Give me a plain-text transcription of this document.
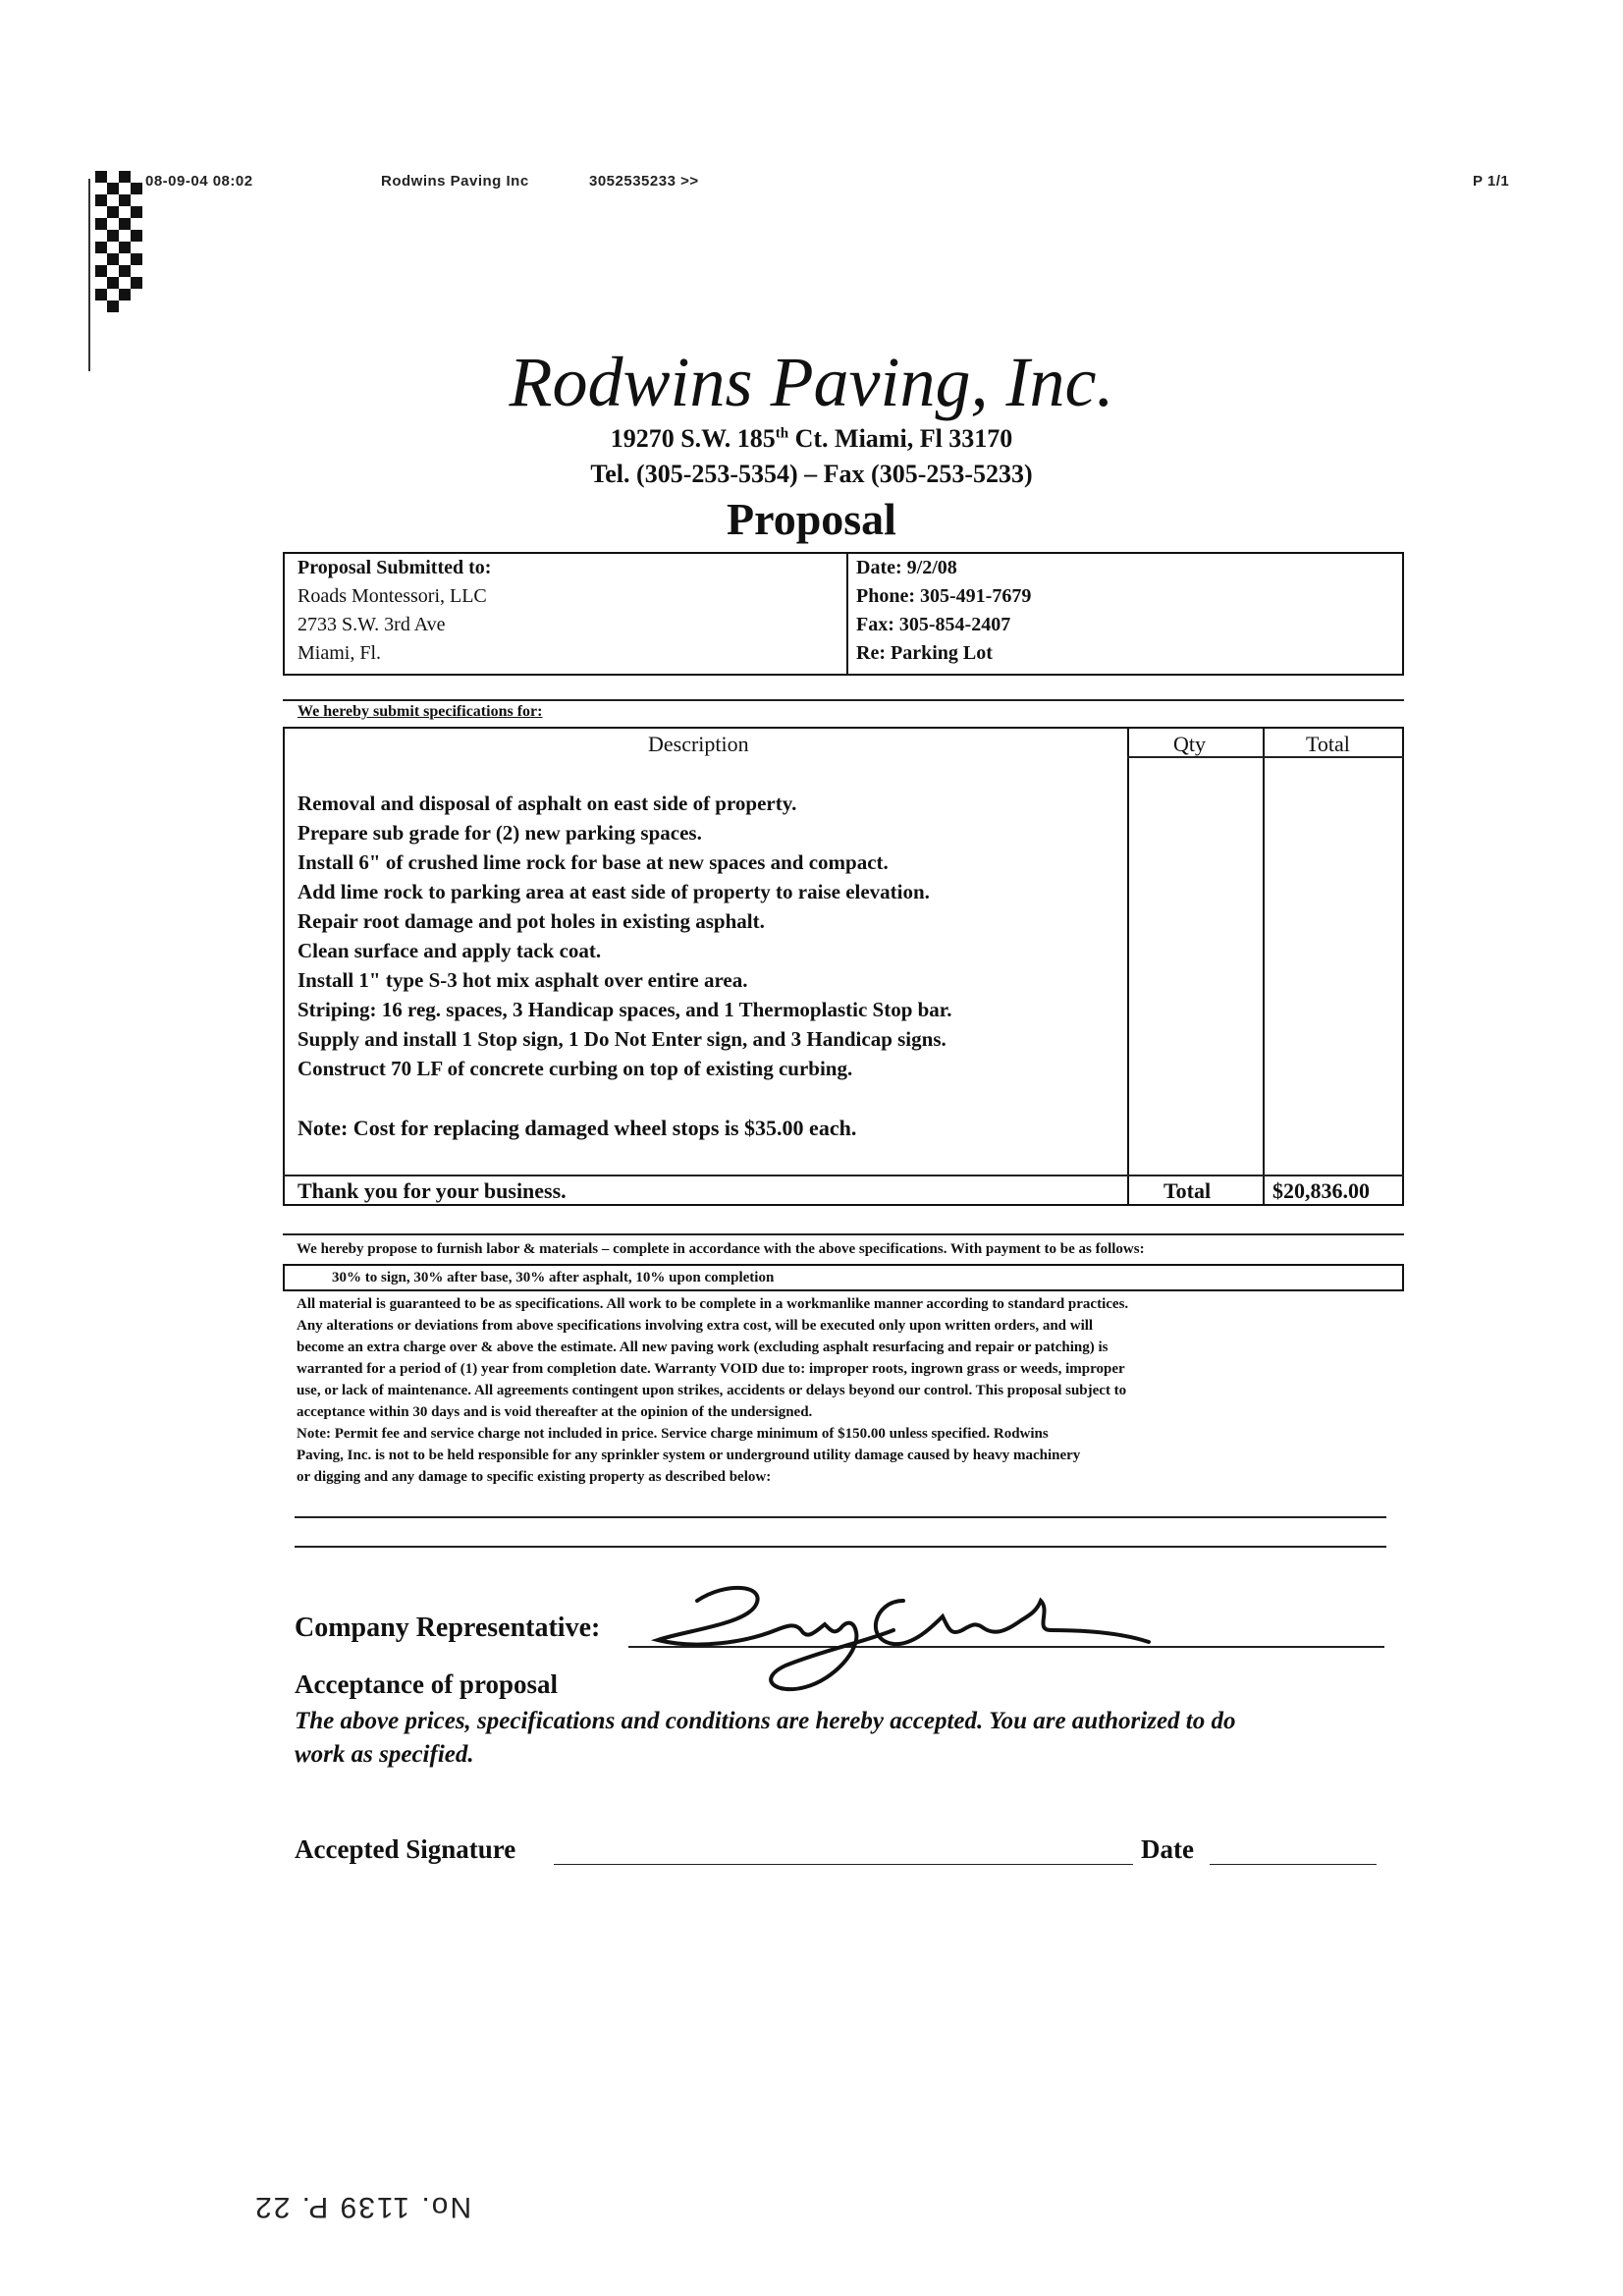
08-09-04 08:02	Rodwins Paving Inc	3052535233 >>	P 1/1
Rodwins Paving, Inc.
19270 S.W. 185th Ct. Miami, Fl 33170
Tel. (305-253-5354) – Fax (305-253-5233)
Proposal
Proposal Submitted to:
Roads Montessori, LLC
2733 S.W. 3rd Ave
Miami, Fl.
Date: 9/2/08
Phone: 305-491-7679
Fax: 305-854-2407
Re: Parking Lot
We hereby submit specifications for:
Description	Qty	Total
Removal and disposal of asphalt on east side of property.
Prepare sub grade for (2) new parking spaces.
Install 6" of crushed lime rock for base at new spaces and compact.
Add lime rock to parking area at east side of property to raise elevation.
Repair root damage and pot holes in existing asphalt.
Clean surface and apply tack coat.
Install 1" type S-3 hot mix asphalt over entire area.
Striping: 16 reg. spaces, 3 Handicap spaces, and 1 Thermoplastic Stop bar.
Supply and install 1 Stop sign, 1 Do Not Enter sign, and 3 Handicap signs.
Construct 70 LF of concrete curbing on top of existing curbing.
Note: Cost for replacing damaged wheel stops is $35.00 each.
Thank you for your business.	Total	$20,836.00
We hereby propose to furnish labor & materials – complete in accordance with the above specifications. With payment to be as follows:
30% to sign, 30% after base, 30% after asphalt, 10% upon completion
All material is guaranteed to be as specifications. All work to be complete in a workmanlike manner according to standard practices.
Any alterations or deviations from above specifications involving extra cost, will be executed only upon written orders, and will
become an extra charge over & above the estimate. All new paving work (excluding asphalt resurfacing and repair or patching) is
warranted for a period of (1) year from completion date. Warranty VOID due to: improper roots, ingrown grass or weeds, improper
use, or lack of maintenance. All agreements contingent upon strikes, accidents or delays beyond our control. This proposal subject to
acceptance within 30 days and is void thereafter at the opinion of the undersigned.
Note: Permit fee and service charge not included in price. Service charge minimum of $150.00 unless specified. Rodwins
Paving, Inc. is not to be held responsible for any sprinkler system or underground utility damage caused by heavy machinery
or digging and any damage to specific existing property as described below:
Company Representative:
Acceptance of proposal
The above prices, specifications and conditions are hereby accepted. You are authorized to do
work as specified.
Accepted Signature	Date
No. 1139 P. 22
